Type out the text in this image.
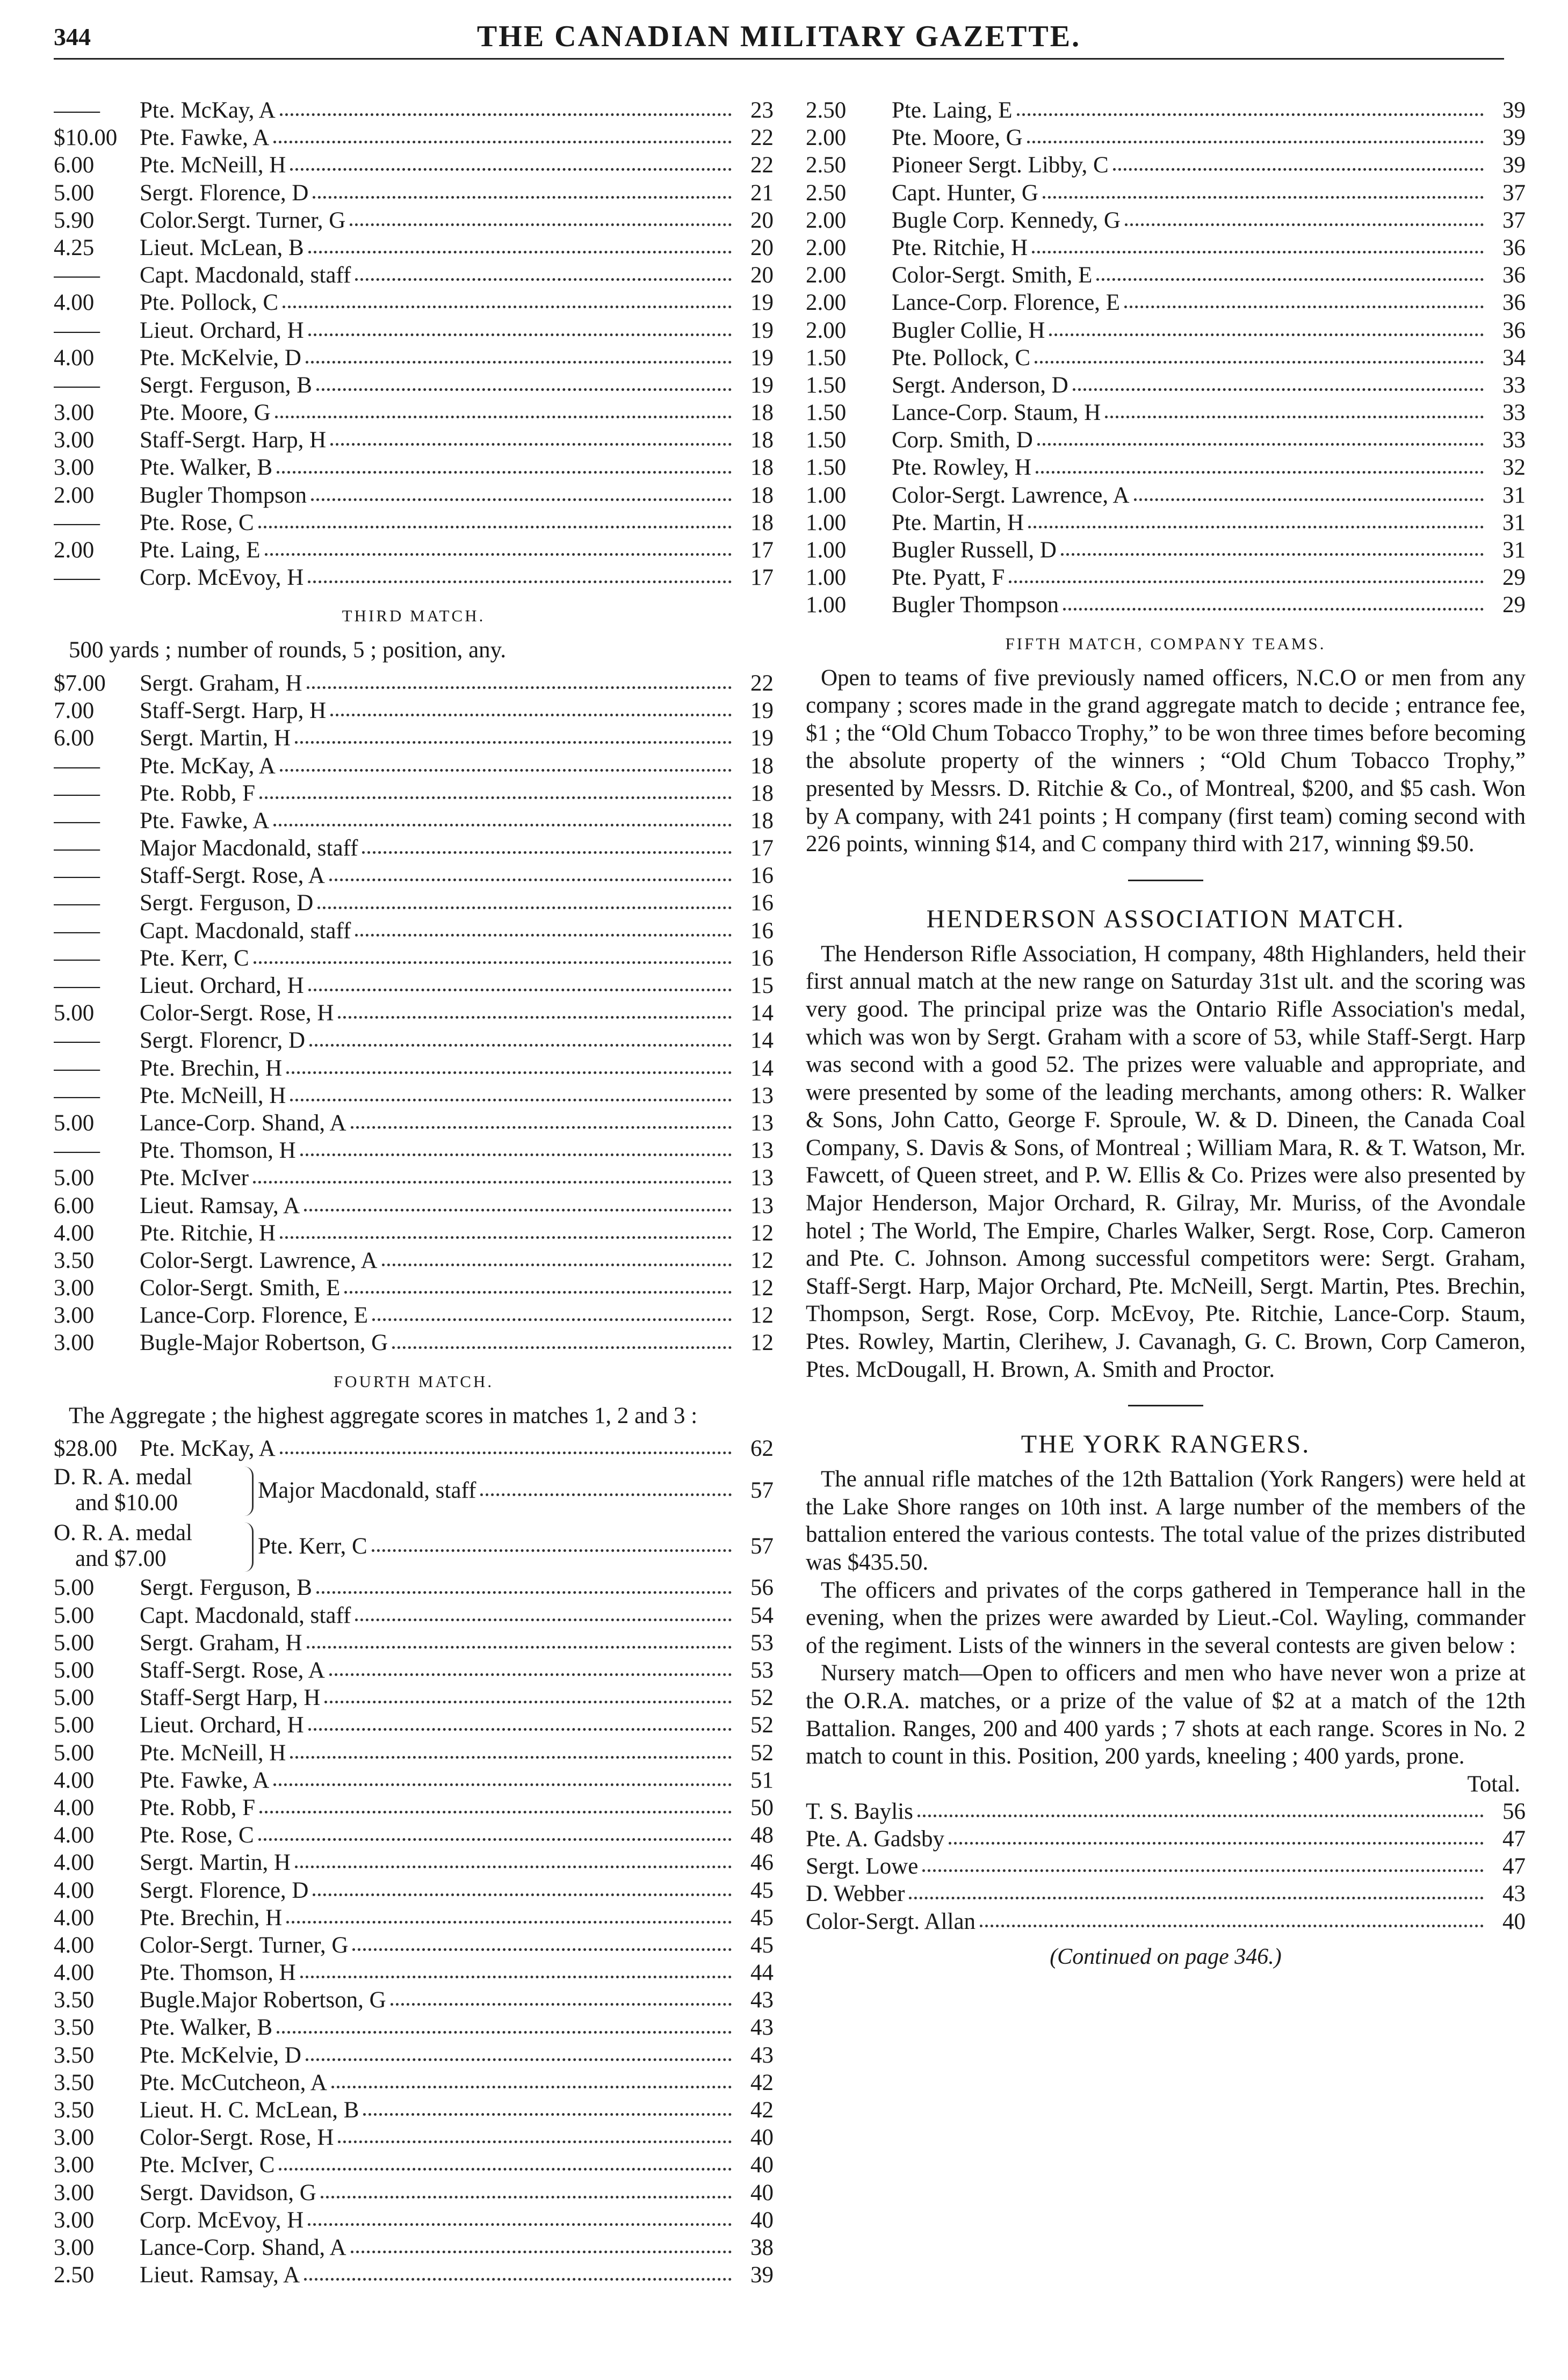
344	THE CANADIAN MILITARY GAZETTE.
——	Pte. McKay, A	23
$10.00 Pte. Fawke, A	22
6.00	Pte. McNeill, H	22
5.00	Sergt. Florence, D	21
5.90	Color.Sergt. Turner, G	20
4.25	Lieut. McLean, B	20
——	Capt. Macdonald, staff	20
4.00	Pte. Pollock, C	19
——	Lieut. Orchard, H	19
4.00	Pte. McKelvie, D	19
——	Sergt. Ferguson, B	19
3.00	Pte. Moore, G	18
3.00	Staff-Sergt. Harp, H	18
3.00	Pte. Walker, B	18
2.00	Bugler Thompson	18
——	Pte. Rose, C	18
2.00	Pte. Laing, E	17
——	Corp. McEvoy, H	17
THIRD MATCH.

500 yards ; number of rounds, 5 ; position, any.

$7.00	Sergt. Graham, H	22
7.00	Staff-Sergt. Harp, H	19
6.00	Sergt. Martin, H	19
——	Pte. McKay, A	18
——	Pte. Robb, F	18
——	Pte. Fawke, A	18
——	Major Macdonald, staff	17
——	Staff-Sergt. Rose, A	16
——	Sergt. Ferguson, D	16
——	Capt. Macdonald, staff	16
——	Pte. Kerr, C	16
——	Lieut. Orchard, H	15
5.00	Color-Sergt. Rose, H	14
——	Sergt. Florencr, D	14
——	Pte. Brechin, H	14
——	Pte. McNeill, H	13
5.00	Lance-Corp. Shand, A	13
——	Pte. Thomson, H	13
5.00	Pte. McIver	13
6.00	Lieut. Ramsay, A	13
4.00	Pte. Ritchie, H	12
3.50	Color-Sergt. Lawrence, A	12
3.00	Color-Sergt. Smith, E	12
3.00	Lance-Corp. Florence, E	12
3.00	Bugle-Major Robertson, G	12
FOURTH MATCH.

The Aggregate ; the highest aggregate scores in matches 1, 2 and 3 :

$28.00 Pte. McKay, A	62
D. R. A. medal
and $10.00	Major Macdonald, staff	57
O. R. A. medal
and $7.00	Pte. Kerr, C	57
5.00	Sergt. Ferguson, B	56
5.00	Capt. Macdonald, staff	54
5.00	Sergt. Graham, H	53
5.00	Staff-Sergt. Rose, A	53
5.00	Staff-Sergt Harp, H	52
5.00	Lieut. Orchard, H	52
5.00	Pte. McNeill, H	52
4.00	Pte. Fawke, A	51
4.00	Pte. Robb, F	50
4.00	Pte. Rose, C	48
4.00	Sergt. Martin, H	46
4.00	Sergt. Florence, D	45
4.00	Pte. Brechin, H	45
4.00	Color-Sergt. Turner, G	45
4.00	Pte. Thomson, H	44
3.50	Bugle.Major Robertson, G	43
3.50	Pte. Walker, B	43
3.50	Pte. McKelvie, D	43
3.50	Pte. McCutcheon, A	42
3.50	Lieut. H. C. McLean, B	42
3.00	Color-Sergt. Rose, H	40
3.00	Pte. McIver, C	40
3.00	Sergt. Davidson, G	40
3.00	Corp. McEvoy, H	40
3.00	Lance-Corp. Shand, A	38
2.50	Lieut. Ramsay, A	39
2.50	Pte. Laing, E	39
2.00	Pte. Moore, G	39
2.50	Pioneer Sergt. Libby, C	39
2.50	Capt. Hunter, G	37
2.00	Bugle Corp. Kennedy, G	37
2.00	Pte. Ritchie, H	36
2.00	Color-Sergt. Smith, E	36
2.00	Lance-Corp. Florence, E	36
2.00	Bugler Collie, H	36
1.50	Pte. Pollock, C	34
1.50	Sergt. Anderson, D	33
1.50	Lance-Corp. Staum, H	33
1.50	Corp. Smith, D	33
1.50	Pte. Rowley, H	32
1.00	Color-Sergt. Lawrence, A	31
1.00	Pte. Martin, H	31
1.00	Bugler Russell, D	31
1.00	Pte. Pyatt, F	29
1.00	Bugler Thompson	29
FIFTH MATCH, COMPANY TEAMS.

Open to teams of five previously named officers, N.C.O or men from any company ; scores made in the grand aggregate match to decide ; entrance fee, $1 ; the “Old Chum Tobacco Trophy,” to be won three times before becoming the absolute property of the winners ; “Old Chum Tobacco Trophy,” presented by Messrs. D. Ritchie & Co., of Montreal, $200, and $5 cash. Won by A company, with 241 points ; H company (first team) coming second with 226 points, winning $14, and C company third with 217, winning $9.50.

HENDERSON ASSOCIATION MATCH.

The Henderson Rifle Association, H company, 48th Highlanders, held their first annual match at the new range on Saturday 31st ult. and the scoring was very good. The principal prize was the Ontario Rifle Association's medal, which was won by Sergt. Graham with a score of 53, while Staff-Sergt. Harp was second with a good 52. The prizes were valuable and appropriate, and were presented by some of the leading merchants, among others: R. Walker & Sons, John Catto, George F. Sproule, W. & D. Dineen, the Canada Coal Company, S. Davis & Sons, of Montreal ; William Mara, R. & T. Watson, Mr. Fawcett, of Queen street, and P. W. Ellis & Co. Prizes were also presented by Major Henderson, Major Orchard, R. Gilray, Mr. Muriss, of the Avondale hotel ; The World, The Empire, Charles Walker, Sergt. Rose, Corp. Cameron and Pte. C. Johnson. Among successful competitors were: Sergt. Graham, Staff-Sergt. Harp, Major Orchard, Pte. McNeill, Sergt. Martin, Ptes. Brechin, Thompson, Sergt. Rose, Corp. McEvoy, Pte. Ritchie, Lance-Corp. Staum, Ptes. Rowley, Martin, Clerihew, J. Cavanagh, G. C. Brown, Corp Cameron, Ptes. McDougall, H. Brown, A. Smith and Proctor.

THE YORK RANGERS.

The annual rifle matches of the 12th Battalion (York Rangers) were held at the Lake Shore ranges on 10th inst. A large number of the members of the battalion entered the various contests. The total value of the prizes distributed was $435.50.

The officers and privates of the corps gathered in Temperance hall in the evening, when the prizes were awarded by Lieut.-Col. Wayling, commander of the regiment. Lists of the winners in the several contests are given below :

Nursery match—Open to officers and men who have never won a prize at the O.R.A. matches, or a prize of the value of $2 at a match of the 12th Battalion. Ranges, 200 and 400 yards ; 7 shots at each range. Scores in No. 2 match to count in this. Position, 200 yards, kneeling ; 400 yards, prone.

Total.
T. S. Baylis	56
Pte. A. Gadsby	47
Sergt. Lowe	47
D. Webber	43
Color-Sergt. Allan	40
(Continued on page 346.)
